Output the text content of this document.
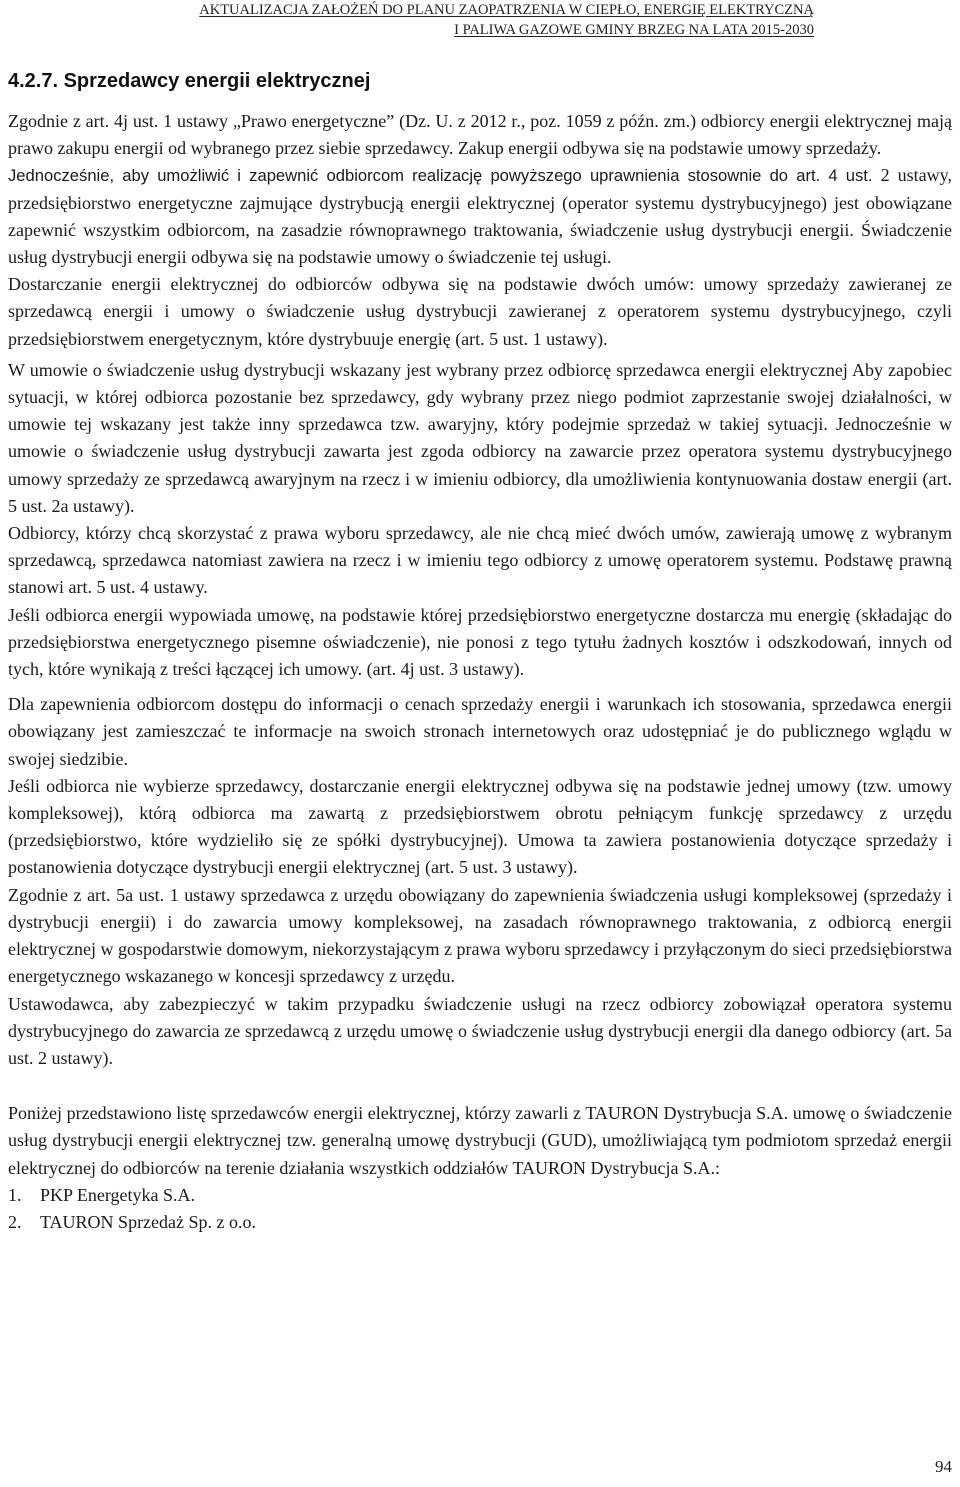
AKTUALIZACJA ZAŁOŻEŃ DO PLANU ZAOPATRZENIA W CIEPŁO, ENERGIĘ ELEKTRYCZNĄ
I PALIWA GAZOWE GMINY BRZEG NA LATA 2015-2030
4.2.7. Sprzedawcy energii elektrycznej

Zgodnie z art. 4j ust. 1 ustawy „Prawo energetyczne” (Dz. U. z 2012 r., poz. 1059 z późn. zm.) odbiorcy energii elektrycznej mają prawo zakupu energii od wybranego przez siebie sprzedawcy. Zakup energii odbywa się na podstawie umowy sprzedaży.

Jednocześnie, aby umożliwić i zapewnić odbiorcom realizację powyższego uprawnienia stosownie do art. 4 ust. 2 ustawy, przedsiębiorstwo energetyczne zajmujące dystrybucją energii elektrycznej (operator systemu dystrybucyjnego) jest obowiązane zapewnić wszystkim odbiorcom, na zasadzie równoprawnego traktowania, świadczenie usług dystrybucji energii. Świadczenie usług dystrybucji energii odbywa się na podstawie umowy o świadczenie tej usługi.

Dostarczanie energii elektrycznej do odbiorców odbywa się na podstawie dwóch umów: umowy sprzedaży zawieranej ze sprzedawcą energii i umowy o świadczenie usług dystrybucji zawieranej z operatorem systemu dystrybucyjnego, czyli przedsiębiorstwem energetycznym, które dystrybuuje energię (art. 5 ust. 1 ustawy).

W umowie o świadczenie usług dystrybucji wskazany jest wybrany przez odbiorcę sprzedawca energii elektrycznej Aby zapobiec sytuacji, w której odbiorca pozostanie bez sprzedawcy, gdy wybrany przez niego podmiot zaprzestanie swojej działalności, w umowie tej wskazany jest także inny sprzedawca tzw. awaryjny, który podejmie sprzedaż w takiej sytuacji. Jednocześnie w umowie o świadczenie usług dystrybucji zawarta jest zgoda odbiorcy na zawarcie przez operatora systemu dystrybucyjnego umowy sprzedaży ze sprzedawcą awaryjnym na rzecz i w imieniu odbiorcy, dla umożliwienia kontynuowania dostaw energii (art. 5 ust. 2a ustawy).

Odbiorcy, którzy chcą skorzystać z prawa wyboru sprzedawcy, ale nie chcą mieć dwóch umów, zawierają umowę z wybranym sprzedawcą, sprzedawca natomiast zawiera na rzecz i w imieniu tego odbiorcy z umowę operatorem systemu. Podstawę prawną stanowi art. 5 ust. 4 ustawy.

Jeśli odbiorca energii wypowiada umowę, na podstawie której przedsiębiorstwo energetyczne dostarcza mu energię (składając do przedsiębiorstwa energetycznego pisemne oświadczenie), nie ponosi z tego tytułu żadnych kosztów i odszkodowań, innych od tych, które wynikają z treści łączącej ich umowy. (art. 4j ust. 3 ustawy).

Dla zapewnienia odbiorcom dostępu do informacji o cenach sprzedaży energii i warunkach ich stosowania, sprzedawca energii obowiązany jest zamieszczać te informacje na swoich stronach internetowych oraz udostępniać je do publicznego wglądu w swojej siedzibie.

Jeśli odbiorca nie wybierze sprzedawcy, dostarczanie energii elektrycznej odbywa się na podstawie jednej umowy (tzw. umowy kompleksowej), którą odbiorca ma zawartą z przedsiębiorstwem obrotu pełniącym funkcję sprzedawcy z urzędu (przedsiębiorstwo, które wydzieliło się ze spółki dystrybucyjnej). Umowa ta zawiera postanowienia dotyczące sprzedaży i postanowienia dotyczące dystrybucji energii elektrycznej (art. 5 ust. 3 ustawy).

Zgodnie z art. 5a ust. 1 ustawy sprzedawca z urzędu obowiązany do zapewnienia świadczenia usługi kompleksowej (sprzedaży i dystrybucji energii) i do zawarcia umowy kompleksowej, na zasadach równoprawnego traktowania, z odbiorcą energii elektrycznej w gospodarstwie domowym, niekorzystającym z prawa wyboru sprzedawcy i przyłączonym do sieci przedsiębiorstwa energetycznego wskazanego w koncesji sprzedawcy z urzędu.

Ustawodawca, aby zabezpieczyć w takim przypadku świadczenie usługi na rzecz odbiorcy zobowiązał operatora systemu dystrybucyjnego do zawarcia ze sprzedawcą z urzędu umowę o świadczenie usług dystrybucji energii dla danego odbiorcy (art. 5a ust. 2 ustawy).

Poniżej przedstawiono listę sprzedawców energii elektrycznej, którzy zawarli z TAURON Dystrybucja S.A. umowę o świadczenie usług dystrybucji energii elektrycznej tzw. generalną umowę dystrybucji (GUD), umożliwiającą tym podmiotom sprzedaż energii elektrycznej do odbiorców na terenie działania wszystkich oddziałów TAURON Dystrybucja S.A.:

1.	PKP Energetyka S.A.
2.	TAURON Sprzedaż Sp. z o.o.
94
